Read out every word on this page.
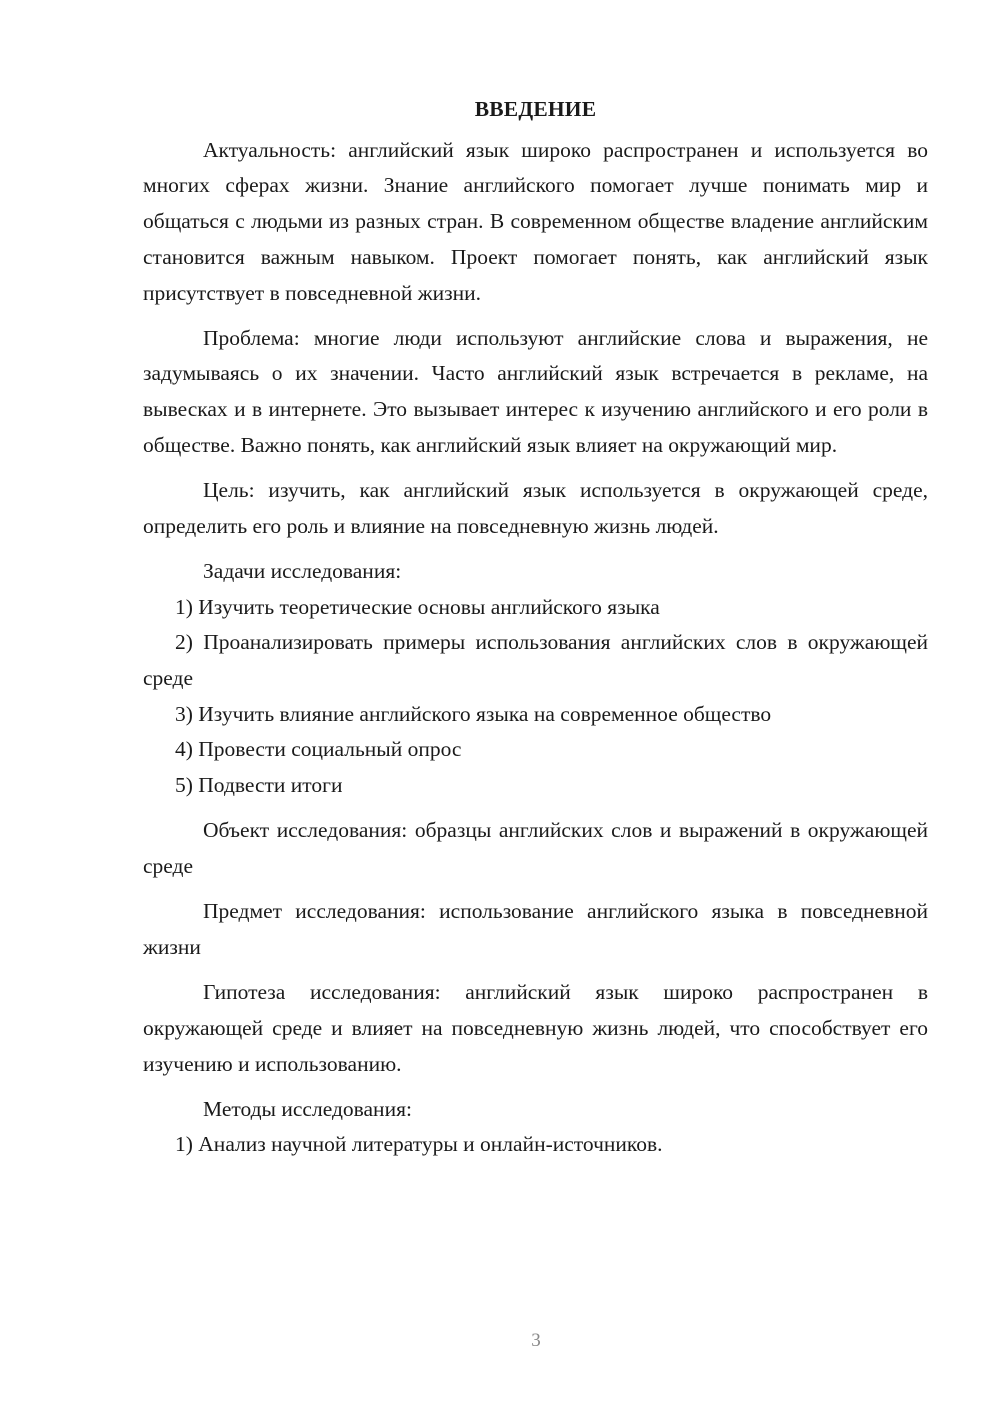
ВВЕДЕНИЕ

Актуальность: английский язык широко распространен и используется во многих сферах жизни. Знание английского помогает лучше понимать мир и общаться с людьми из разных стран. В современном обществе владение английским становится важным навыком. Проект помогает понять, как английский язык присутствует в повседневной жизни.

Проблема: многие люди используют английские слова и выражения, не задумываясь о их значении. Часто английский язык встречается в рекламе, на вывесках и в интернете. Это вызывает интерес к изучению английского и его роли в обществе. Важно понять, как английский язык влияет на окружающий мир.

Цель: изучить, как английский язык используется в окружающей среде, определить его роль и влияние на повседневную жизнь людей.

Задачи исследования:

1) Изучить теоретические основы английского языка

2) Проанализировать примеры использования английских слов в окружающей среде

3) Изучить влияние английского языка на современное общество

4) Провести социальный опрос

5) Подвести итоги

Объект исследования: образцы английских слов и выражений в окружающей среде

Предмет исследования: использование английского языка в повседневной жизни

Гипотеза исследования: английский язык широко распространен в окружающей среде и влияет на повседневную жизнь людей, что способствует его изучению и использованию.

Методы исследования:

1) Анализ научной литературы и онлайн-источников.

3
